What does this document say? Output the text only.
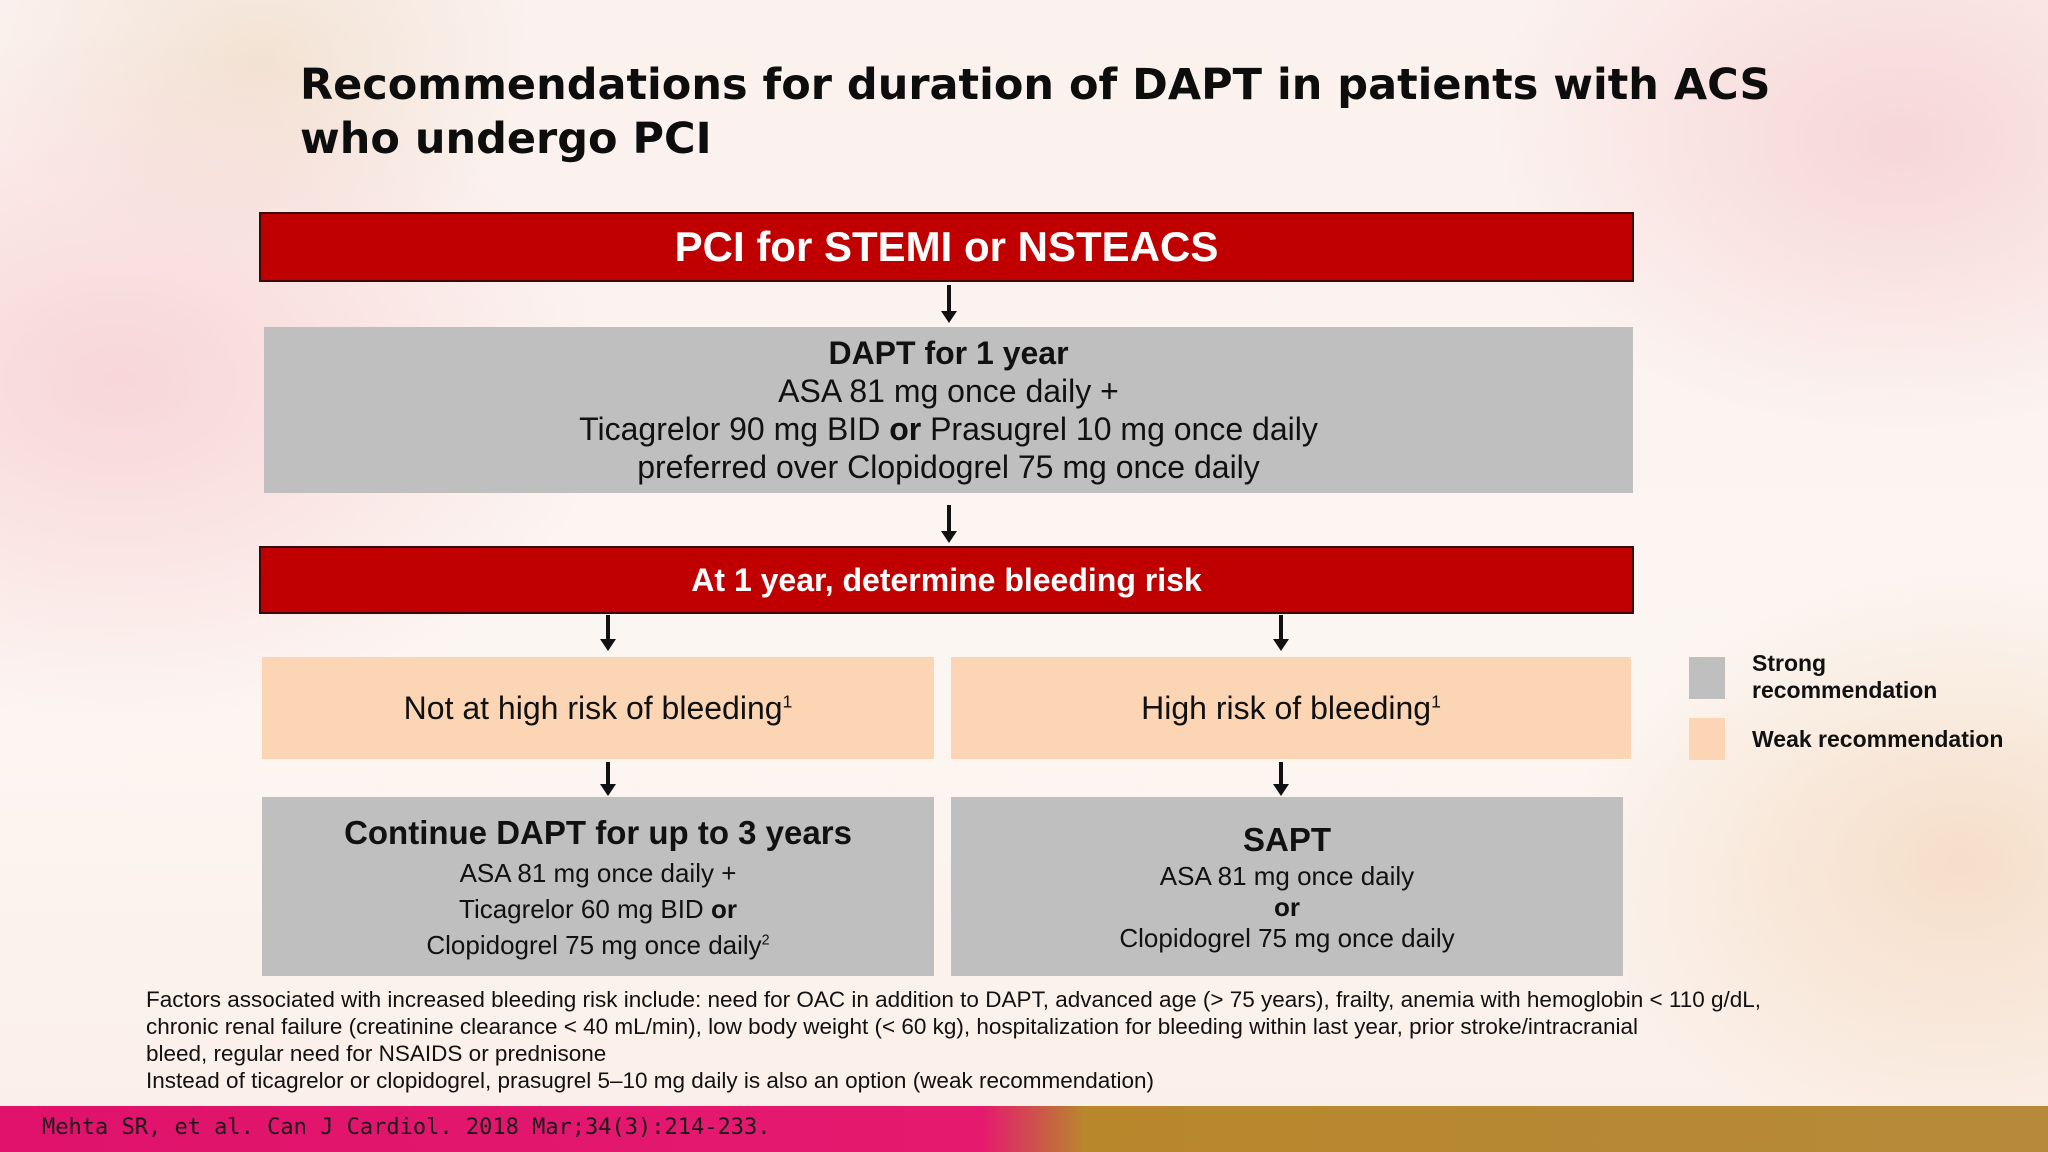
Recommendations for duration of DAPT in patients with ACS who undergo PCI
PCI for STEMI or NSTEACS
DAPT for 1 year
ASA 81 mg once daily +
Ticagrelor 90 mg BID or Prasugrel 10 mg once daily
preferred over Clopidogrel 75 mg once daily
At 1 year, determine bleeding risk
Not at high risk of bleeding$^1$	High risk of bleeding$^1$
Continue DAPT for up to 3 years
ASA 81 mg once daily +
Ticagrelor 60 mg BID or
Clopidogrel 75 mg once daily$^2$
SAPT
ASA 81 mg once daily
or
Clopidogrel 75 mg once daily
Strong
recommendation
Weak recommendation
Factors associated with increased bleeding risk include: need for OAC in addition to DAPT, advanced age (> 75 years), frailty, anemia with hemoglobin < 110 g/dL,
chronic renal failure (creatinine clearance < 40 mL/min), low body weight (< 60 kg), hospitalization for bleeding within last year, prior stroke/intracranial
bleed, regular need for NSAIDS or prednisone
Instead of ticagrelor or clopidogrel, prasugrel 5–10 mg daily is also an option (weak recommendation)
Mehta SR, et al. Can J Cardiol. 2018 Mar;34(3):214-233.
